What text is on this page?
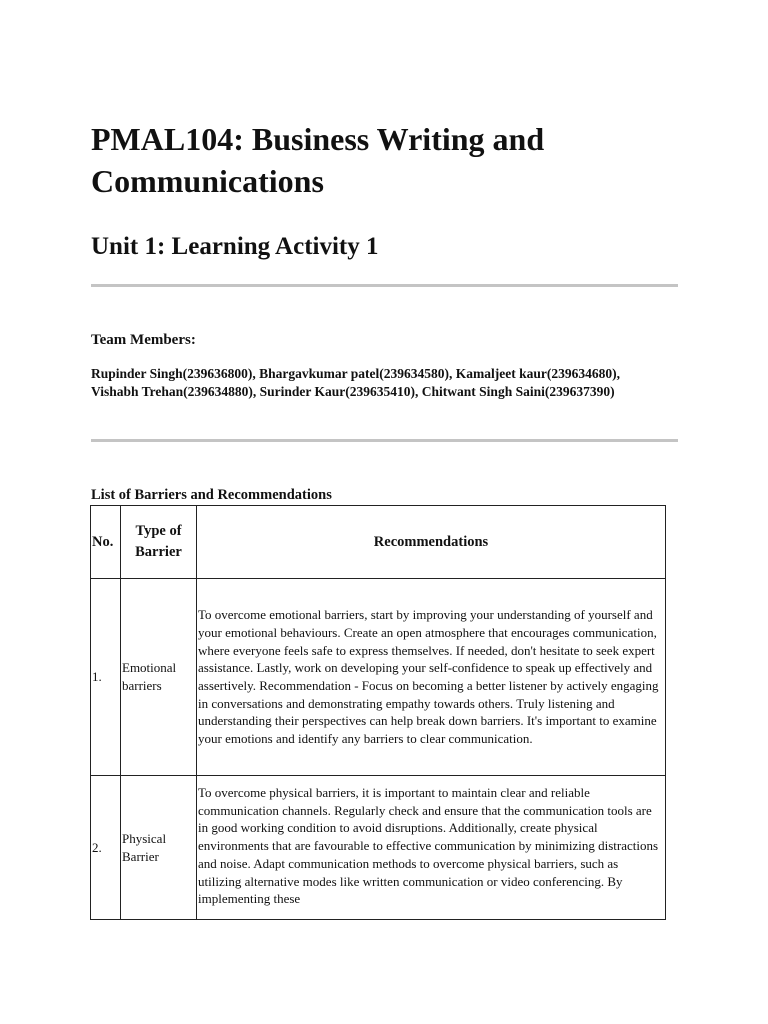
PMAL104: Business Writing and Communications
Unit 1: Learning Activity 1
Team Members:
Rupinder Singh(239636800), Bhargavkumar patel(239634580), Kamaljeet kaur(239634680), Vishabh Trehan(239634880), Surinder Kaur(239635410), Chitwant Singh Saini(239637390)
List of Barriers and Recommendations
No.	Type of Barrier	Recommendations
1.	Emotional barriers	To overcome emotional barriers, start by improving your understanding of yourself and your emotional behaviours. Create an open atmosphere that encourages communication, where everyone feels safe to express themselves. If needed, don't hesitate to seek expert assistance. Lastly, work on developing your self-confidence to speak up effectively and assertively. Recommendation - Focus on becoming a better listener by actively engaging in conversations and demonstrating empathy towards others. Truly listening and understanding their perspectives can help break down barriers. It's important to examine your emotions and identify any barriers to clear communication.
2.	Physical Barrier	To overcome physical barriers, it is important to maintain clear and reliable communication channels. Regularly check and ensure that the communication tools are in good working condition to avoid disruptions. Additionally, create physical environments that are favourable to effective communication by minimizing distractions and noise. Adapt communication methods to overcome physical barriers, such as utilizing alternative modes like written communication or video conferencing. By implementing these
